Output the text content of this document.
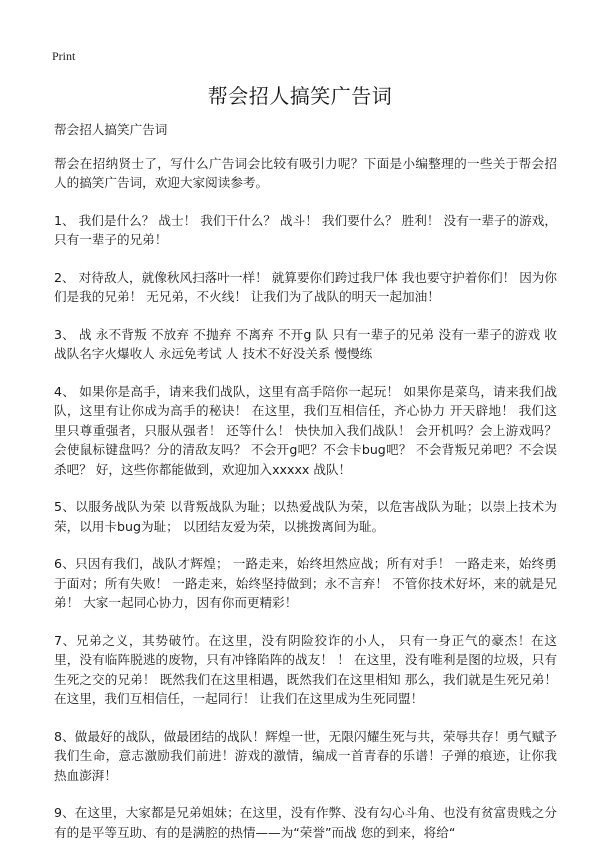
Print
帮会招人搞笑广告词

帮会招人搞笑广告词

帮会在招纳贤士了，写什么广告词会比较有吸引力呢？下面是小编整理的一些关于帮会招人的搞笑广告词，欢迎大家阅读参考。

1、 我们是什么？ 战士！ 我们干什么？ 战斗！ 我们要什么？ 胜利！ 没有一辈子的游戏，只有一辈子的兄弟！

2、 对待敌人，就像秋风扫落叶一样！ 就算要你们跨过我尸体 我也要守护着你们！ 因为你们是我的兄弟！ 无兄弟，不火线！ 让我们为了战队的明天一起加油！

3、 战 永不背叛 不放弃 不抛弃 不离弃 不开g 队 只有一辈子的兄弟 没有一辈子的游戏 收 战队名字火爆收人 永远免考试 人 技术不好没关系 慢慢练

4、 如果你是高手，请来我们战队，这里有高手陪你一起玩！ 如果你是菜鸟，请来我们战队，这里有让你成为高手的秘诀！ 在这里，我们互相信任，齐心协力 开天辟地！ 我们这里只尊重强者，只服从强者！ 还等什么！ 快快加入我们战队！ 会开机吗？会上游戏吗？ 会使鼠标键盘吗？分的清敌友吗？ 不会开g吧？不会卡bug吧？ 不会背叛兄弟吧？不会误杀吧？ 好，这些你都能做到，欢迎加入xxxxx 战队！

5、以服务战队为荣 以背叛战队为耻；以热爱战队为荣，以危害战队为耻；以崇上技术为荣，以用卡bug为耻； 以团结友爱为荣，以挑拨离间为耻。

6、只因有我们，战队才辉煌； 一路走来，始终坦然应战；所有对手！ 一路走来，始终勇于面对；所有失败！ 一路走来，始终坚持做到；永不言弃！ 不管你技术好坏，来的就是兄弟！ 大家一起同心协力，因有你而更精彩！

7、兄弟之义，其势破竹。在这里，没有阴险狡诈的小人， 只有一身正气的豪杰！在这里，没有临阵脱逃的废物，只有冲锋陷阵的战友！ ！ 在这里，没有唯利是图的垃圾，只有生死之交的兄弟！ 既然我们在这里相遇，既然我们在这里相知 那么，我们就是生死兄弟！ 在这里，我们互相信任，一起同行！ 让我们在这里成为生死同盟！

8、做最好的战队，做最团结的战队！辉煌一世，无限闪耀生死与共，荣辱共存！勇气赋予我们生命，意志激励我们前进！游戏的激情，编成一首青春的乐谱！子弹的痕迹，让你我热血澎湃！

9、在这里，大家都是兄弟姐妹；在这里，没有作弊、没有勾心斗角、也没有贫富贵贱之分有的是平等互助、有的是满腔的热情——为“荣誉”而战 您的到来，将给“
